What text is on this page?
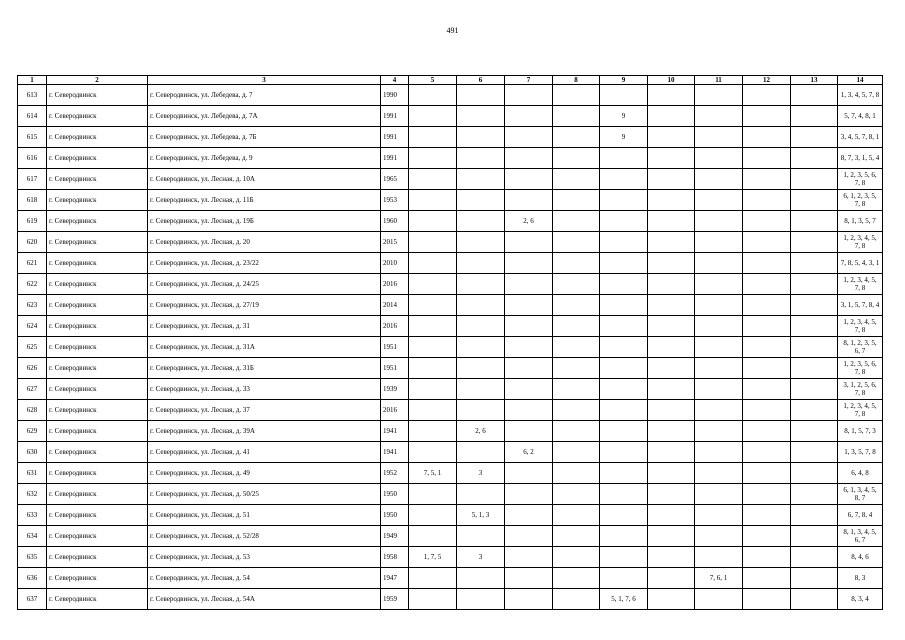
491
1	2	3	4	5	6	7	8	9	10	11	12	13	14
613	г. Северодвинск	г. Северодвинск, ул. Лебедева, д. 7	1990										1, 3, 4, 5, 7, 8
614	г. Северодвинск	г. Северодвинск, ул. Лебедева, д. 7А	1991					9					5, 7, 4, 8, 1
615	г. Северодвинск	г. Северодвинск, ул. Лебедева, д. 7Б	1991					9					3, 4, 5, 7, 8, 1
616	г. Северодвинск	г. Северодвинск, ул. Лебедева, д. 9	1991										8, 7, 3, 1, 5, 4
617	г. Северодвинск	г. Северодвинск, ул. Лесная, д. 10А	1965										1, 2, 3, 5, 6, 7, 8
618	г. Северодвинск	г. Северодвинск, ул. Лесная, д. 11Б	1953										6, 1, 2, 3, 5, 7, 8
619	г. Северодвинск	г. Северодвинск, ул. Лесная, д. 19Б	1960			2, 6							8, 1, 3, 5, 7
620	г. Северодвинск	г. Северодвинск, ул. Лесная, д. 20	2015										1, 2, 3, 4, 5, 7, 8
621	г. Северодвинск	г. Северодвинск, ул. Лесная, д. 23/22	2010										7, 8, 5, 4, 3, 1
622	г. Северодвинск	г. Северодвинск, ул. Лесная, д. 24/25	2016										1, 2, 3, 4, 5, 7, 8
623	г. Северодвинск	г. Северодвинск, ул. Лесная, д. 27/19	2014										3, 1, 5, 7, 8, 4
624	г. Северодвинск	г. Северодвинск, ул. Лесная, д. 31	2016										1, 2, 3, 4, 5, 7, 8
625	г. Северодвинск	г. Северодвинск, ул. Лесная, д. 31А	1951										8, 1, 2, 3, 5, 6, 7
626	г. Северодвинск	г. Северодвинск, ул. Лесная, д. 31Б	1951										1, 2, 3, 5, 6, 7, 8
627	г. Северодвинск	г. Северодвинск, ул. Лесная, д. 33	1939										3, 1, 2, 5, 6, 7, 8
628	г. Северодвинск	г. Северодвинск, ул. Лесная, д. 37	2016										1, 2, 3, 4, 5, 7, 8
629	г. Северодвинск	г. Северодвинск, ул. Лесная, д. 39А	1941		2, 6								8, 1, 5, 7, 3
630	г. Северодвинск	г. Северодвинск, ул. Лесная, д. 41	1941			6, 2							1, 3, 5, 7, 8
631	г. Северодвинск	г. Северодвинск, ул. Лесная, д. 49	1952	7, 5, 1	3								6, 4, 8
632	г. Северодвинск	г. Северодвинск, ул. Лесная, д. 50/25	1950										6, 1, 3, 4, 5, 8, 7
633	г. Северодвинск	г. Северодвинск, ул. Лесная, д. 51	1950		5, 1, 3								6, 7, 8, 4
634	г. Северодвинск	г. Северодвинск, ул. Лесная, д. 52/28	1949										8, 1, 3, 4, 5, 6, 7
635	г. Северодвинск	г. Северодвинск, ул. Лесная, д. 53	1958	1, 7, 5	3								8, 4, 6
636	г. Северодвинск	г. Северодвинск, ул. Лесная, д. 54	1947							7, 6, 1			8, 3
637	г. Северодвинск	г. Северодвинск, ул. Лесная, д. 54А	1959					5, 1, 7, 6					8, 3, 4
